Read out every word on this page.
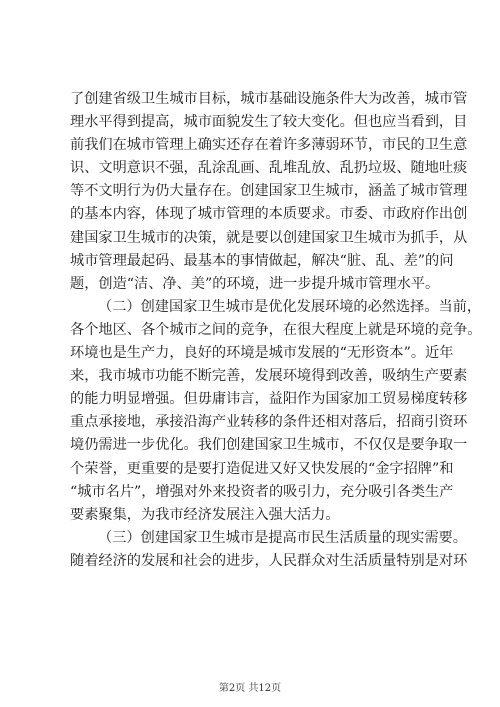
了创建省级卫生城市目标，城市基础设施条件大为改善，城市管
理水平得到提高，城市面貌发生了较大变化。但也应当看到，目
前我们在城市管理上确实还存在着许多薄弱环节，市民的卫生意
识、文明意识不强，乱涂乱画、乱堆乱放、乱扔垃圾、随地吐痰
等不文明行为仍大量存在。创建国家卫生城市，涵盖了城市管理
的基本内容，体现了城市管理的本质要求。市委、市政府作出创
建国家卫生城市的决策，就是要以创建国家卫生城市为抓手，从
城市管理最起码、最基本的事情做起，解决“脏、乱、差”的问
题，创造“洁、净、美”的环境，进一步提升城市管理水平。
（二）创建国家卫生城市是优化发展环境的必然选择。当前，
各个地区、各个城市之间的竞争，在很大程度上就是环境的竞争。
环境也是生产力，良好的环境是城市发展的“无形资本”。近年
来，我市城市功能不断完善，发展环境得到改善，吸纳生产要素
的能力明显增强。但毋庸讳言，益阳作为国家加工贸易梯度转移
重点承接地，承接沿海产业转移的条件还相对落后，招商引资环
境仍需进一步优化。我们创建国家卫生城市，不仅仅是要争取一
个荣誉，更重要的是要打造促进又好又快发展的“金字招牌”和
“城市名片”，增强对外来投资者的吸引力，充分吸引各类生产
要素聚集，为我市经济发展注入强大活力。
（三）创建国家卫生城市是提高市民生活质量的现实需要。
随着经济的发展和社会的进步，人民群众对生活质量特别是对环
第2页 共12页
